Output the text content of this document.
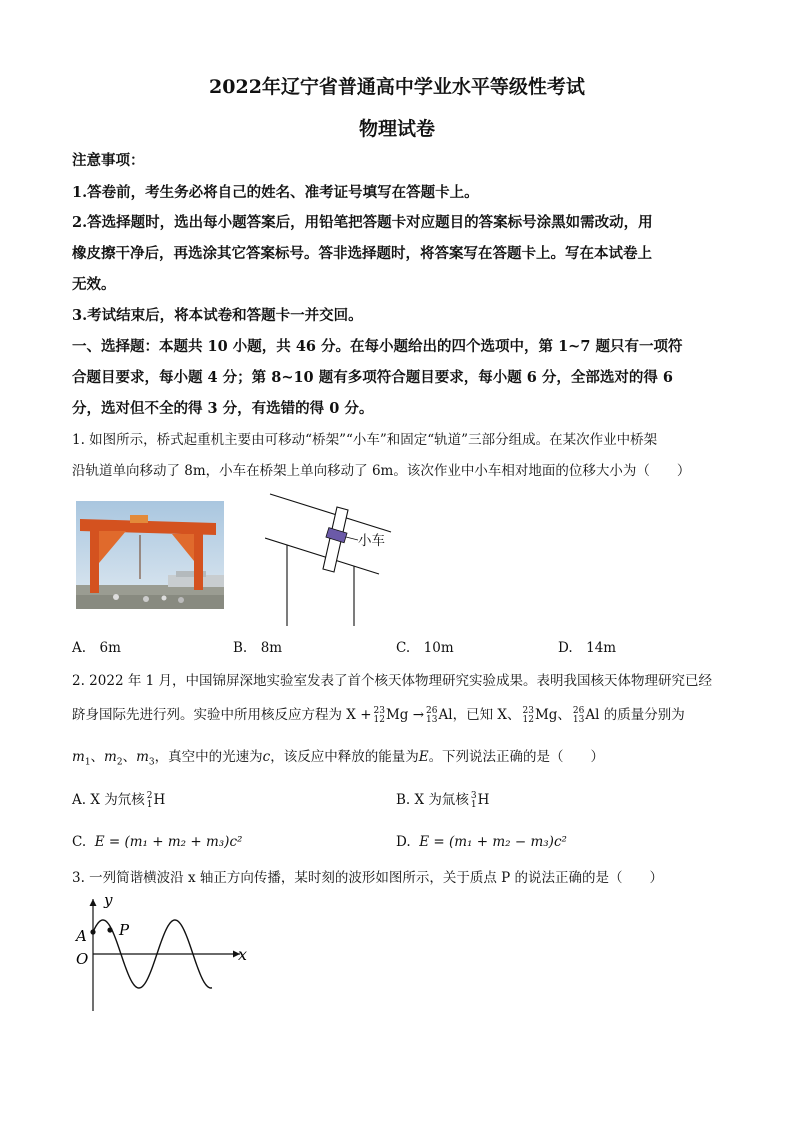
2022年辽宁省普通高中学业水平等级性考试
物理试卷
注意事项：
1.答卷前，考生务必将自己的姓名、准考证号填写在答题卡上。
2.答选择题时，选出每小题答案后，用铅笔把答题卡对应题目的答案标号涂黑如需改动，用
橡皮擦干净后，再选涂其它答案标号。答非选择题时，将答案写在答题卡上。写在本试卷上
无效。
3.考试结束后，将本试卷和答题卡一并交回。
一、选择题：本题共 10 小题，共 46 分。在每小题给出的四个选项中，第 1~7 题只有一项符
合题目要求，每小题 4 分；第 8~10 题有多项符合题目要求，每小题 6 分，全部选对的得 6
分，选对但不全的得 3 分，有选错的得 0 分。
1. 如图所示，桥式起重机主要由可移动“桥架”“小车”和固定“轨道”三部分组成。在某次作业中桥架
沿轨道单向移动了 8m，小车在桥架上单向移动了 6m。该次作业中小车相对地面的位移大小为（　　）
小车
A.　6m	B.　8m	C.　10m	D.　14m
2. 2022 年 1 月，中国锦屏深地实验室发表了首个核天体物理研究实验成果。表明我国核天体物理研究已经
跻身国际先进行列。实验中所用核反应方程为 X + 23
12 Mg → 26
13 Al，已知 X、 23
12 Mg、 26
13 Al 的质量分别为
$m_1$、$m_2$、$m_3$，真空中的光速为c，该反应中释放的能量为E。下列说法正确的是（　　）
A. X 为氘核 2
1 H	B. X 为氚核 3
1 H
C. E = (m₁ + m₂ + m₃)c²	D. E = (m₁ + m₂ − m₃)c²
3. 一列简谐横波沿 x 轴正方向传播，某时刻的波形如图所示，关于质点 P 的说法正确的是（　　）
y
A P
O	x
